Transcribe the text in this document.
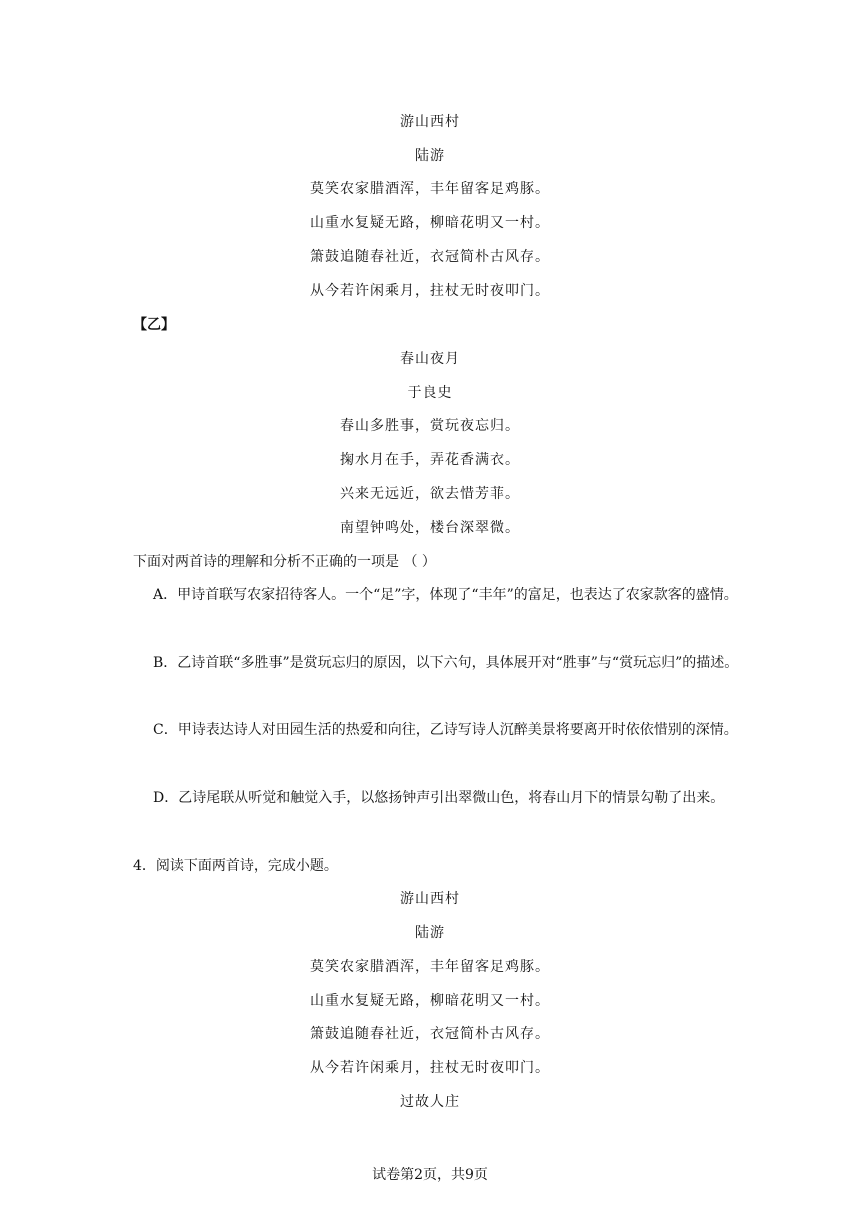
游山西村
陆游
莫笑农家腊酒浑，丰年留客足鸡豚。
山重水复疑无路，柳暗花明又一村。
箫鼓追随春社近，衣冠简朴古风存。
从今若许闲乘月，拄杖无时夜叩门。
【乙】
春山夜月
于良史
春山多胜事，赏玩夜忘归。
掬水月在手，弄花香满衣。
兴来无远近，欲去惜芳菲。
南望钟鸣处，楼台深翠微。
下面对两首诗的理解和分析不正确的一项是 （ ）
A．甲诗首联写农家招待客人。一个“足”字，体现了“丰年”的富足，也表达了农家款客的盛情。
B．乙诗首联“多胜事”是赏玩忘归的原因，以下六句，具体展开对“胜事”与“赏玩忘归”的描述。
C．甲诗表达诗人对田园生活的热爱和向往，乙诗写诗人沉醉美景将要离开时依依惜别的深情。
D．乙诗尾联从听觉和触觉入手，以悠扬钟声引出翠微山色，将春山月下的情景勾勒了出来。
4．阅读下面两首诗，完成小题。
游山西村
陆游
莫笑农家腊酒浑，丰年留客足鸡豚。
山重水复疑无路，柳暗花明又一村。
箫鼓追随春社近，衣冠简朴古风存。
从今若许闲乘月，拄杖无时夜叩门。
过故人庄
试卷第2页，共9页
